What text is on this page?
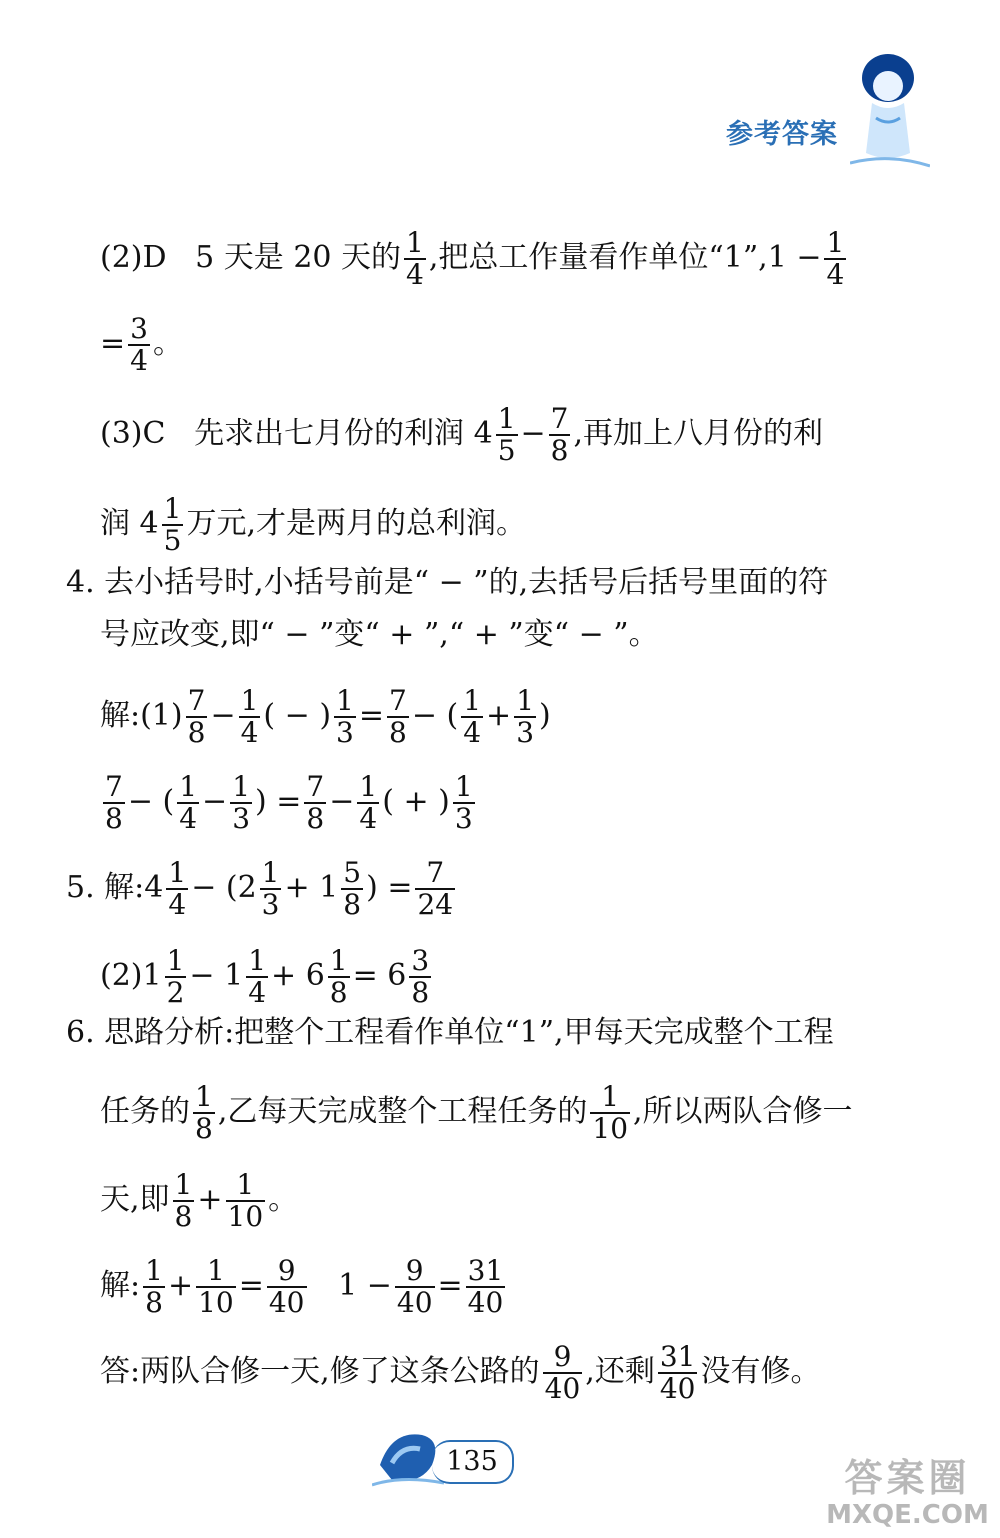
参考答案
(2)D 5 天是 20 天的 $\frac{1}{4}$ ,把总工作量看作单位“1”,1 − $\frac{1}{4}$
= $\frac{3}{4}$ 。
(3)C 先求出七月份的利润 $4 \frac{1}{5} - \frac{7}{8}$ ,再加上八月份的利
润 $4 \frac{1}{5}$ 万元,才是两月的总利润。
4. 去小括号时,小括号前是“ − ”的,去括号后括号里面的符
号应改变,即“ − ”变“ + ”,“ + ”变“ − ”。
解:(1) $\frac{7}{8} - \frac{1}{4}$ ( − ) $\frac{1}{3} = \frac{7}{8}$ − ( $\frac{1}{4} + \frac{1}{3}$ )
$\frac{7}{8}$ − ( $\frac{1}{4} - \frac{1}{3}$ ) = $\frac{7}{8} - \frac{1}{4}$ ( + ) $\frac{1}{3}$
5. 解:4 $\frac{1}{4} - (2 \frac{1}{3} + 1 \frac{5}{8}$ ) = $\frac{7}{24}$
$(2)1 \frac{1}{2} - 1 \frac{1}{4} + 6 \frac{1}{8} = 6 \frac{3}{8}$
6. 思路分析:把整个工程看作单位“1”,甲每天完成整个工程
任务的 $\frac{1}{8}$ ,乙每天完成整个工程任务的 $\frac{1}{10}$ ,所以两队合修一
天,即 $\frac{1}{8} + \frac{1}{10}$ 。
解: $\frac{1}{8} + \frac{1}{10} = \frac{9}{40} 1 - \frac{9}{40} = \frac{31}{40}$
答:两队合修一天,修了这条公路的 $\frac{9}{40}$ ,还剩 $\frac{31}{40}$ 没有修。
135	答案圈
MXQE.COM
